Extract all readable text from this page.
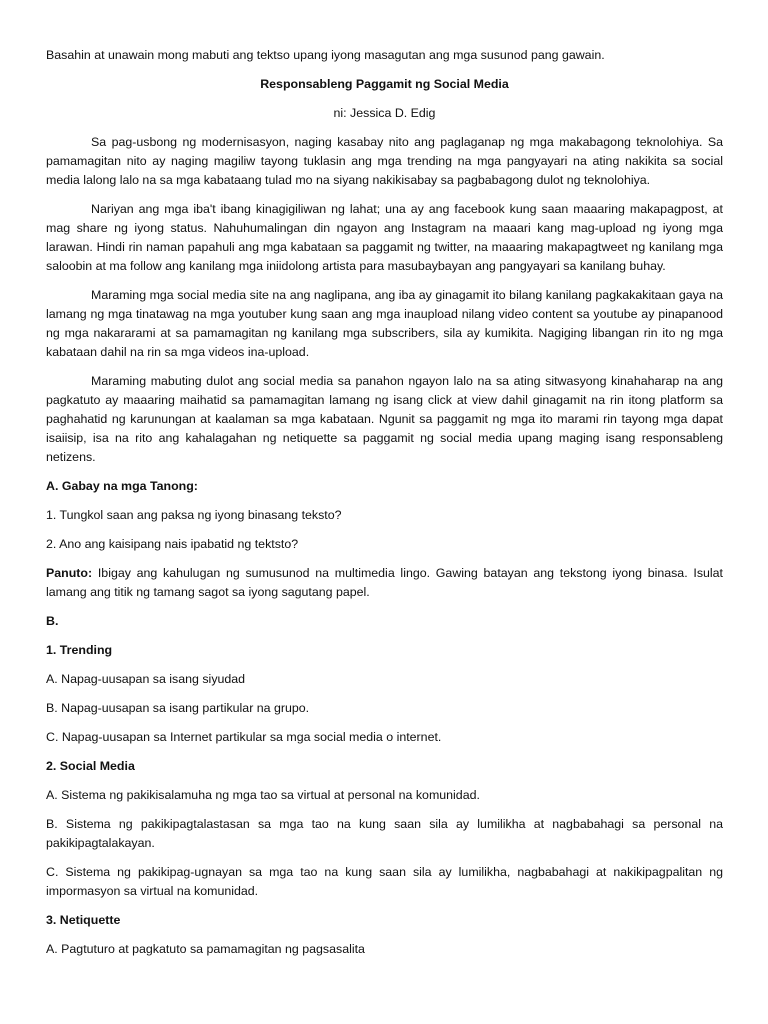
Basahin at unawain mong mabuti ang tektso upang iyong masagutan ang mga susunod pang gawain.

Responsableng Paggamit ng Social Media

ni: Jessica D. Edig

Sa pag-usbong ng modernisasyon, naging kasabay nito ang paglaganap ng mga makabagong teknolohiya. Sa pamamagitan nito ay naging magiliw tayong tuklasin ang mga trending na mga pangyayari na ating nakikita sa social media lalong lalo na sa mga kabataang tulad mo na siyang nakikisabay sa pagbabagong dulot ng teknolohiya.

Nariyan ang mga iba't ibang kinagigiliwan ng lahat; una ay ang facebook kung saan maaaring makapagpost, at mag share ng iyong status. Nahuhumalingan din ngayon ang Instagram na maaari kang mag-upload ng iyong mga larawan. Hindi rin naman papahuli ang mga kabataan sa paggamit ng twitter, na maaaring makapagtweet ng kanilang mga saloobin at ma follow ang kanilang mga iniidolong artista para masubaybayan ang pangyayari sa kanilang buhay.

Maraming mga social media site na ang naglipana, ang iba ay ginagamit ito bilang kanilang pagkakakitaan gaya na lamang ng mga tinatawag na mga youtuber kung saan ang mga inaupload nilang video content sa youtube ay pinapanood ng mga nakararami at sa pamamagitan ng kanilang mga subscribers, sila ay kumikita. Nagiging libangan rin ito ng mga kabataan dahil na rin sa mga videos ina-upload.

Maraming mabuting dulot ang social media sa panahon ngayon lalo na sa ating sitwasyong kinahaharap na ang pagkatuto ay maaaring maihatid sa pamamagitan lamang ng isang click at view dahil ginagamit na rin itong platform sa paghahatid ng karunungan at kaalaman sa mga kabataan. Ngunit sa paggamit ng mga ito marami rin tayong mga dapat isaiisip, isa na rito ang kahalagahan ng netiquette sa paggamit ng social media upang maging isang responsableng netizens.

A. Gabay na mga Tanong:

1. Tungkol saan ang paksa ng iyong binasang teksto?

2. Ano ang kaisipang nais ipabatid ng tektsto?

Panuto: Ibigay ang kahulugan ng sumusunod na multimedia lingo. Gawing batayan ang tekstong iyong binasa. Isulat lamang ang titik ng tamang sagot sa iyong sagutang papel.

B.

1. Trending

A. Napag-uusapan sa isang siyudad

B. Napag-uusapan sa isang partikular na grupo.

C. Napag-uusapan sa Internet partikular sa mga social media o internet.

2. Social Media

A. Sistema ng pakikisalamuha ng mga tao sa virtual at personal na komunidad.

B. Sistema ng pakikipagtalastasan sa mga tao na kung saan sila ay lumilikha at nagbabahagi sa personal na pakikipagtalakayan.

C. Sistema ng pakikipag-ugnayan sa mga tao na kung saan sila ay lumilikha, nagbabahagi at nakikipagpalitan ng impormasyon sa virtual na komunidad.

3. Netiquette

A. Pagtuturo at pagkatuto sa pamamagitan ng pagsasalita
